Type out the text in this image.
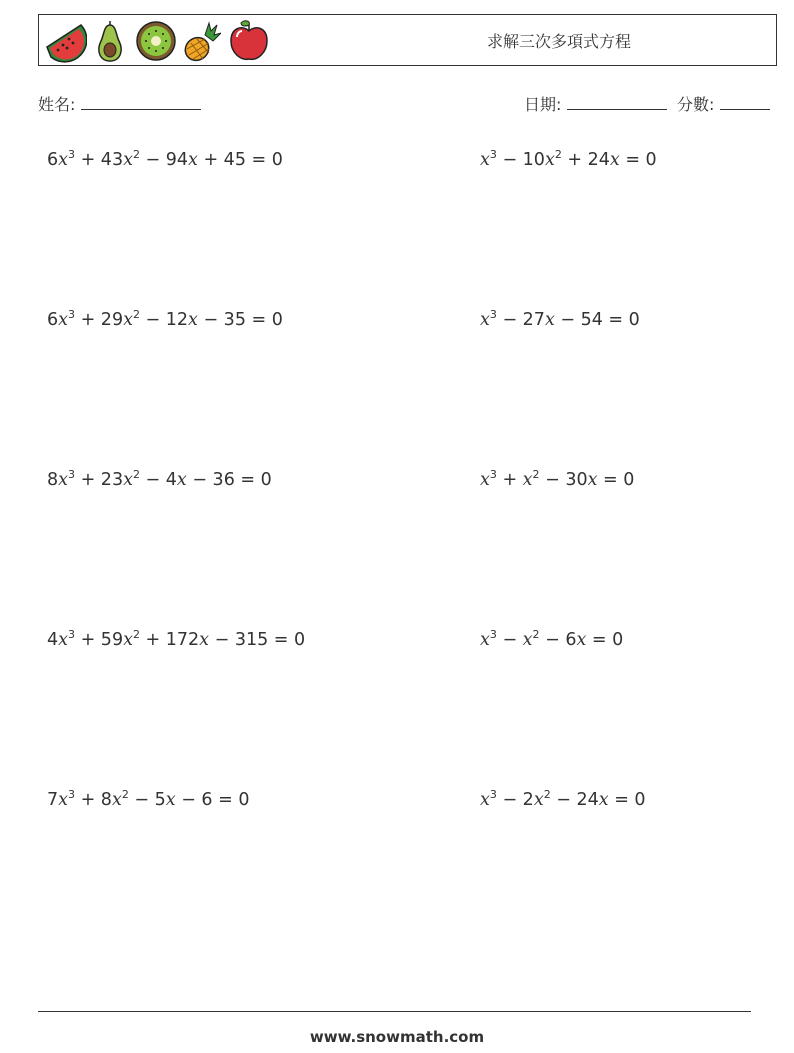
求解三次多項式方程
姓名:	日期:	分數:
$6x^3 + 43x^2 - 94x + 45 = 0$	$x^3 - 10x^2 + 24x = 0$
$6x^3 + 29x^2 - 12x - 35 = 0$	$x^3 - 27x - 54 = 0$
$8x^3 + 23x^2 - 4x - 36 = 0$	$x^3 + x^2 - 30x = 0$
$4x^3 + 59x^2 + 172x - 315 = 0$	$x^3 - x^2 - 6x = 0$
$7x^3 + 8x^2 - 5x - 6 = 0$	$x^3 - 2x^2 - 24x = 0$
www.snowmath.com
